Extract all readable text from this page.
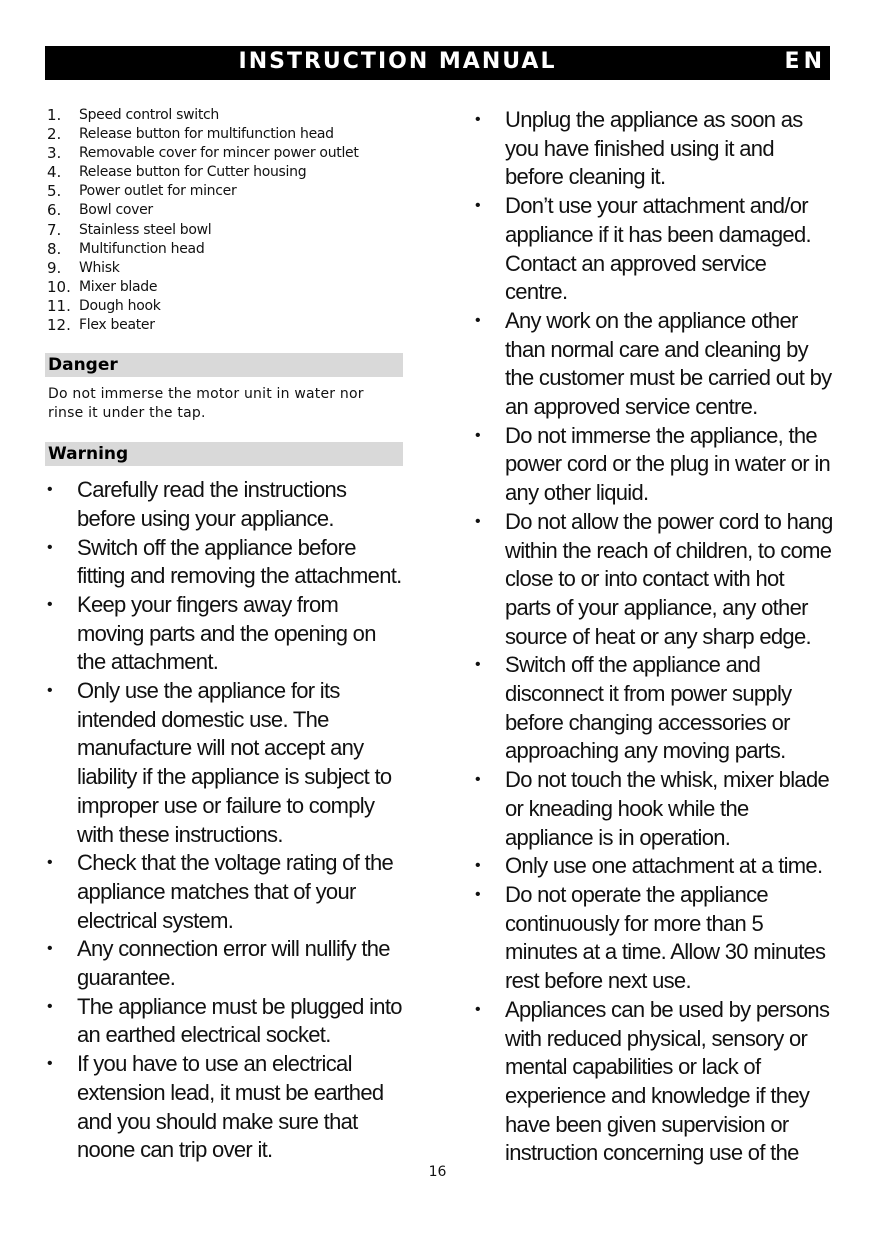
INSTRUCTION MANUAL	EN
1.	Speed control switch
2.	Release button for multifunction head
3.	Removable cover for mincer power outlet
4.	Release button for Cutter housing
5.	Power outlet for mincer
6.	Bowl cover
7.	Stainless steel bowl
8.	Multifunction head
9.	Whisk
10. Mixer blade
11. Dough hook
12. Flex beater
Danger
Do not immerse the motor unit in water nor rinse it under the tap.
Warning
• Carefully read the instructions before using your appliance.
• Switch off the appliance before fitting and removing the attachment.
• Keep your fingers away from moving parts and the opening on the attachment.
• Only use the appliance for its intended domestic use. The manufacture will not accept any liability if the appliance is subject to improper use or failure to comply with these instructions.
• Check that the voltage rating of the appliance matches that of your electrical system.
• Any connection error will nullify the guarantee.
• The appliance must be plugged into an earthed electrical socket.
• If you have to use an electrical extension lead, it must be earthed and you should make sure that noone can trip over it.
• Unplug the appliance as soon as you have finished using it and before cleaning it.
• Don’t use your attachment and/or appliance if it has been damaged. Contact an approved service centre.
• Any work on the appliance other than normal care and cleaning by the customer must be carried out by an approved service centre.
• Do not immerse the appliance, the power cord or the plug in water or in any other liquid.
• Do not allow the power cord to hang within the reach of children, to come close to or into contact with hot parts of your appliance, any other source of heat or any sharp edge.
• Switch off the appliance and disconnect it from power supply before changing accessories or approaching any moving parts.
• Do not touch the whisk, mixer blade or kneading hook while the appliance is in operation.
• Only use one attachment at a time.
• Do not operate the appliance continuously for more than 5 minutes at a time. Allow 30 minutes rest before next use.
• Appliances can be used by persons with reduced physical, sensory or mental capabilities or lack of experience and knowledge if they have been given supervision or instruction concerning use of the
16
